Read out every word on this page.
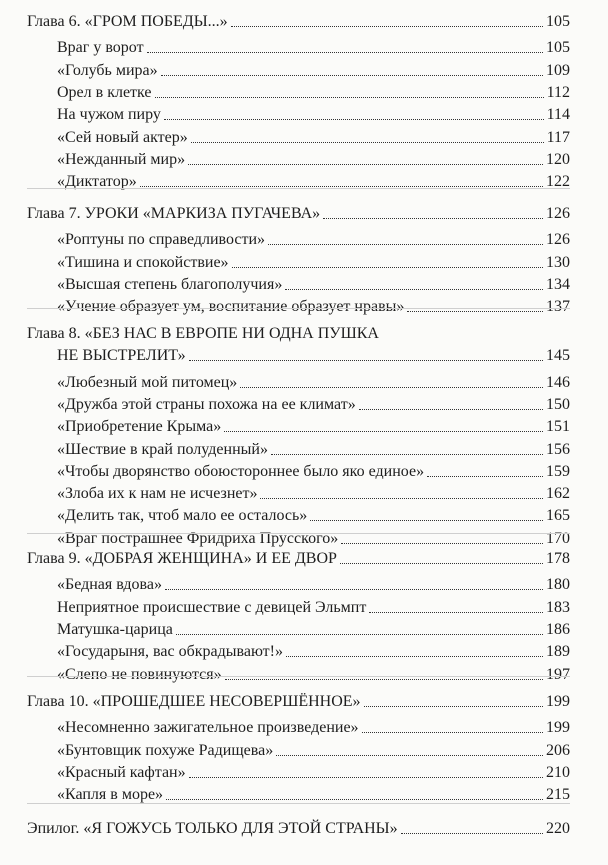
Глава 6. «ГРОМ ПОБЕДЫ...»	105
Враг у ворот	105
«Голубь мира»	109
Орел в клетке	112
На чужом пиру	114
«Сей новый актер»	117
«Нежданный мир»	120
«Диктатор»	122
Глава 7. УРОКИ «МАРКИЗА ПУГАЧЕВА»	126
«Роптуны по справедливости»	126
«Тишина и спокойствие»	130
«Высшая степень благополучия»	134
«Учение образует ум, воспитание образует нравы»	137
Глава 8. «БЕЗ НАС В ЕВРОПЕ НИ ОДНА ПУШКА
НЕ ВЫСТРЕЛИТ»	145
«Любезный мой питомец»	146
«Дружба этой страны похожа на ее климат»	150
«Приобретение Крыма»	151
«Шествие в край полуденный»	156
«Чтобы дворянство обоюстороннее было яко единое»	159
«Злоба их к нам не исчезнет»	162
«Делить так, чтоб мало ее осталось»	165
«Враг пострашнее Фридриха Прусского»	170
Глава 9. «ДОБРАЯ ЖЕНЩИНА» И ЕЕ ДВОР	178
«Бедная вдова»	180
Неприятное происшествие с девицей Эльмпт	183
Матушка-царица	186
«Государыня, вас обкрадывают!»	189
«Слепо не повинуются»	197
Глава 10. «ПРОШЕДШЕЕ НЕСОВЕРШЁННОЕ»	199
«Несомненно зажигательное произведение»	199
«Бунтовщик похуже Радищева»	206
«Красный кафтан»	210
«Капля в море»	215
Эпилог. «Я ГОЖУСЬ ТОЛЬКО ДЛЯ ЭТОЙ СТРАНЫ»	220
